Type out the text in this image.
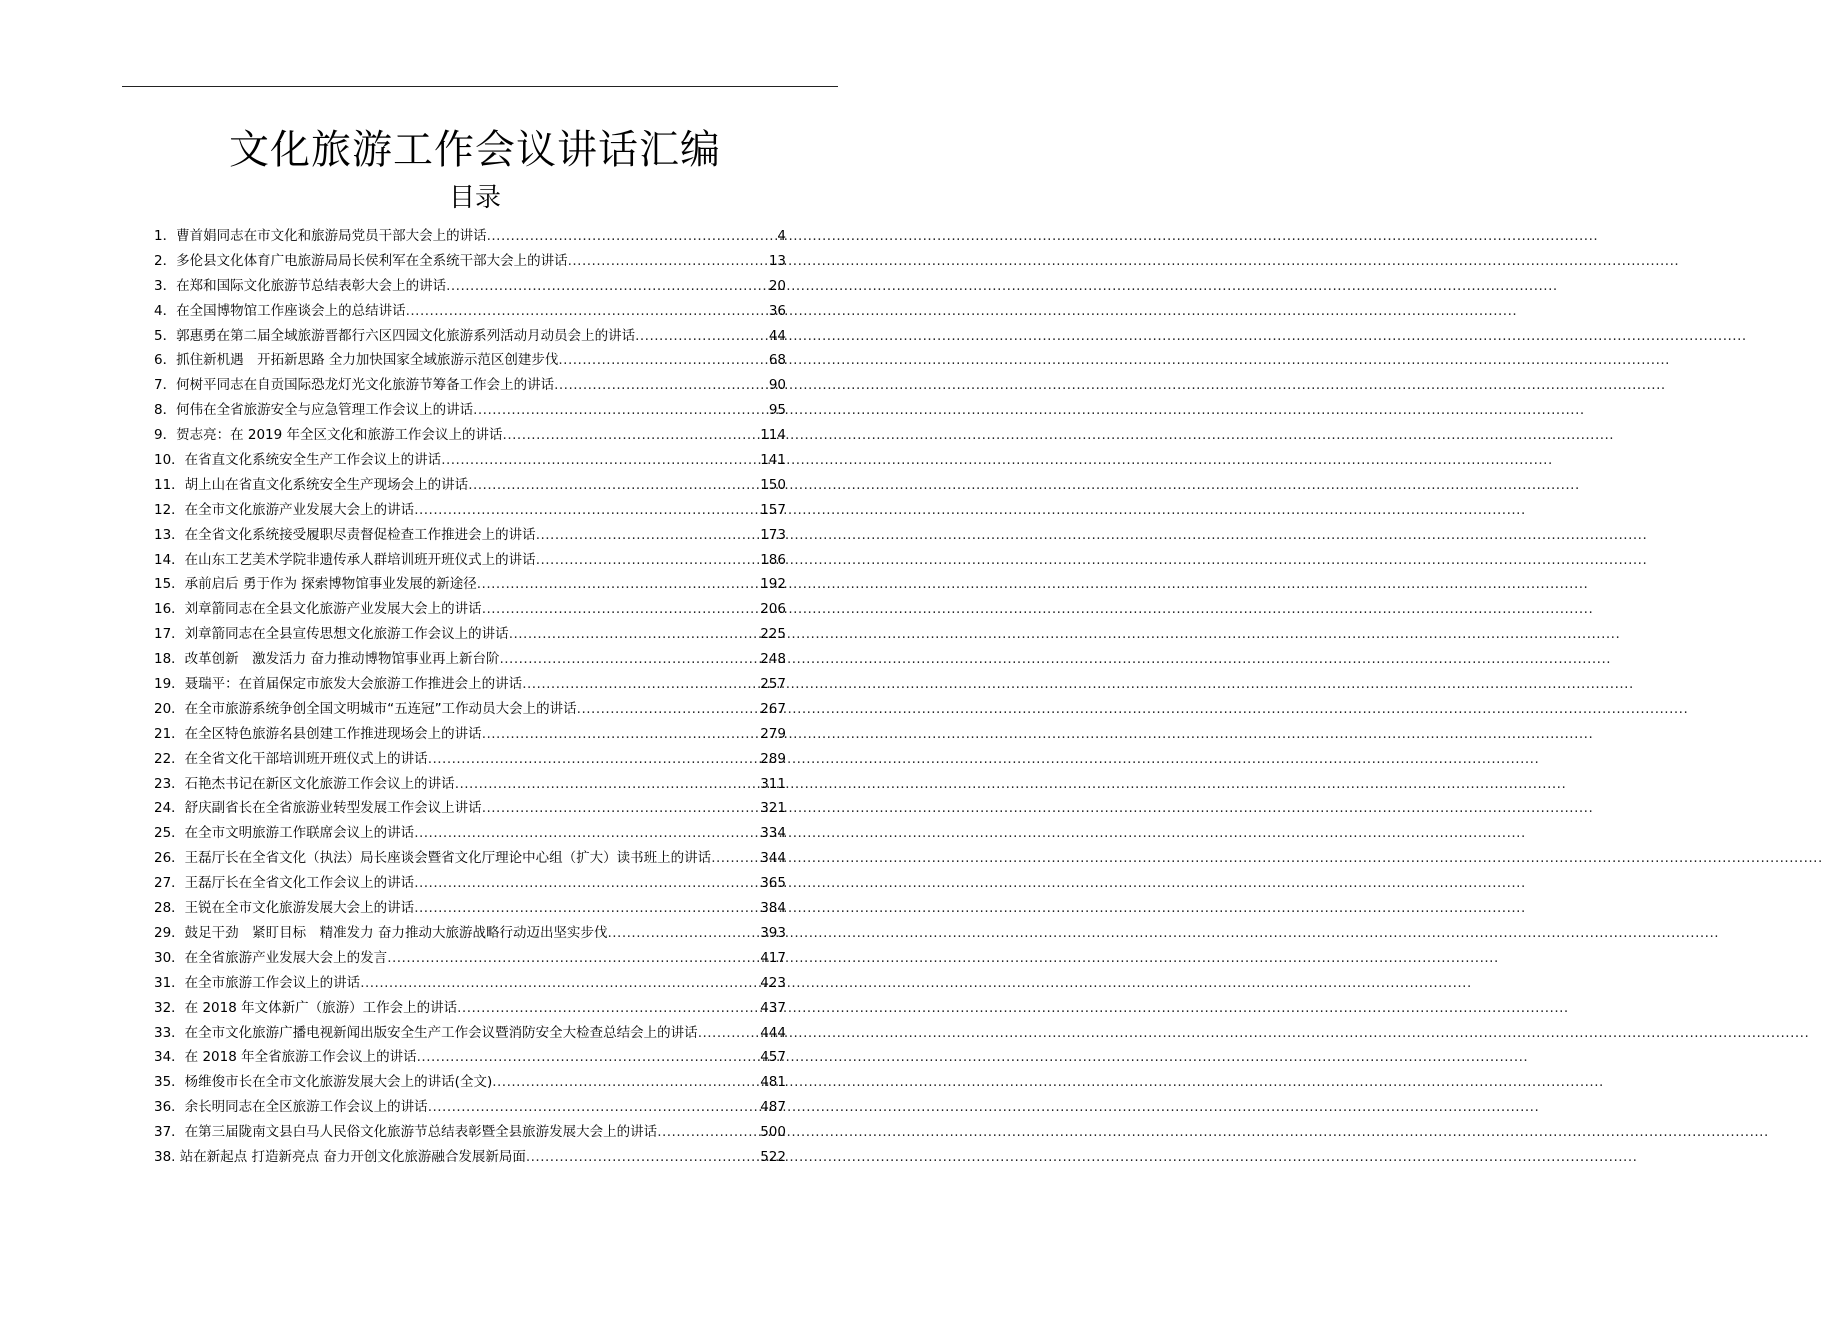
文化旅游工作会议讲话汇编
目录
1．曹首娟同志在市文化和旅游局党员干部大会上的讲话 .....	4
2．多伦县文化体育广电旅游局局长侯利军在全系统干部大会上的讲话 .....	13
3．在郑和国际文化旅游节总结表彰大会上的讲话 .....	20
4．在全国博物馆工作座谈会上的总结讲话 .....	36
5．郭惠勇在第二届全域旅游晋都行六区四园文化旅游系列活动月动员会上的讲话 .....	44
6．抓住新机遇　开拓新思路 全力加快国家全域旅游示范区创建步伐 .....	68
7．何树平同志在自贡国际恐龙灯光文化旅游节筹备工作会上的讲话 .....	90
8．何伟在全省旅游安全与应急管理工作会议上的讲话 .....	95
9．贺志亮：在 2019 年全区文化和旅游工作会议上的讲话 .....	114
10．在省直文化系统安全生产工作会议上的讲话 .....	141
11．胡上山在省直文化系统安全生产现场会上的讲话 .....	150
12．在全市文化旅游产业发展大会上的讲话 .....	157
13．在全省文化系统接受履职尽责督促检查工作推进会上的讲话 .....	173
14．在山东工艺美术学院非遗传承人群培训班开班仪式上的讲话 .....	186
15．承前启后 勇于作为 探索博物馆事业发展的新途径 .....	192
16．刘章箭同志在全县文化旅游产业发展大会上的讲话 .....	206
17．刘章箭同志在全县宣传思想文化旅游工作会议上的讲话 .....	225
18．改革创新　激发活力 奋力推动博物馆事业再上新台阶 .....	248
19．聂瑞平：在首届保定市旅发大会旅游工作推进会上的讲话 .....	257
20．在全市旅游系统争创全国文明城市“五连冠”工作动员大会上的讲话 .....	267
21．在全区特色旅游名县创建工作推进现场会上的讲话 .....	279
22．在全省文化干部培训班开班仪式上的讲话 .....	289
23．石艳杰书记在新区文化旅游工作会议上的讲话 .....	311
24．舒庆副省长在全省旅游业转型发展工作会议上讲话 .....	321
25．在全市文明旅游工作联席会议上的讲话 .....	334
26．王磊厅长在全省文化（执法）局长座谈会暨省文化厅理论中心组（扩大）读书班上的讲话 .....	344
27．王磊厅长在全省文化工作会议上的讲话 .....	365
28．王锐在全市文化旅游发展大会上的讲话 .....	384
29．鼓足干劲　紧盯目标　精准发力 奋力推动大旅游战略行动迈出坚实步伐 .....	393
30．在全省旅游产业发展大会上的发言 .....	417
31．在全市旅游工作会议上的讲话 .....	423
32．在 2018 年文体新广（旅游）工作会上的讲话 .....	437
33．在全市文化旅游广播电视新闻出版安全生产工作会议暨消防安全大检查总结会上的讲话 .....	444
34．在 2018 年全省旅游工作会议上的讲话 .....	457
35．杨维俊市长在全市文化旅游发展大会上的讲话(全文) .....	481
36．余长明同志在全区旅游工作会议上的讲话 .....	487
37．在第三届陇南文县白马人民俗文化旅游节总结表彰暨全县旅游发展大会上的讲话 .....	500
38. 站在新起点 打造新亮点 奋力开创文化旅游融合发展新局面 .....	522
